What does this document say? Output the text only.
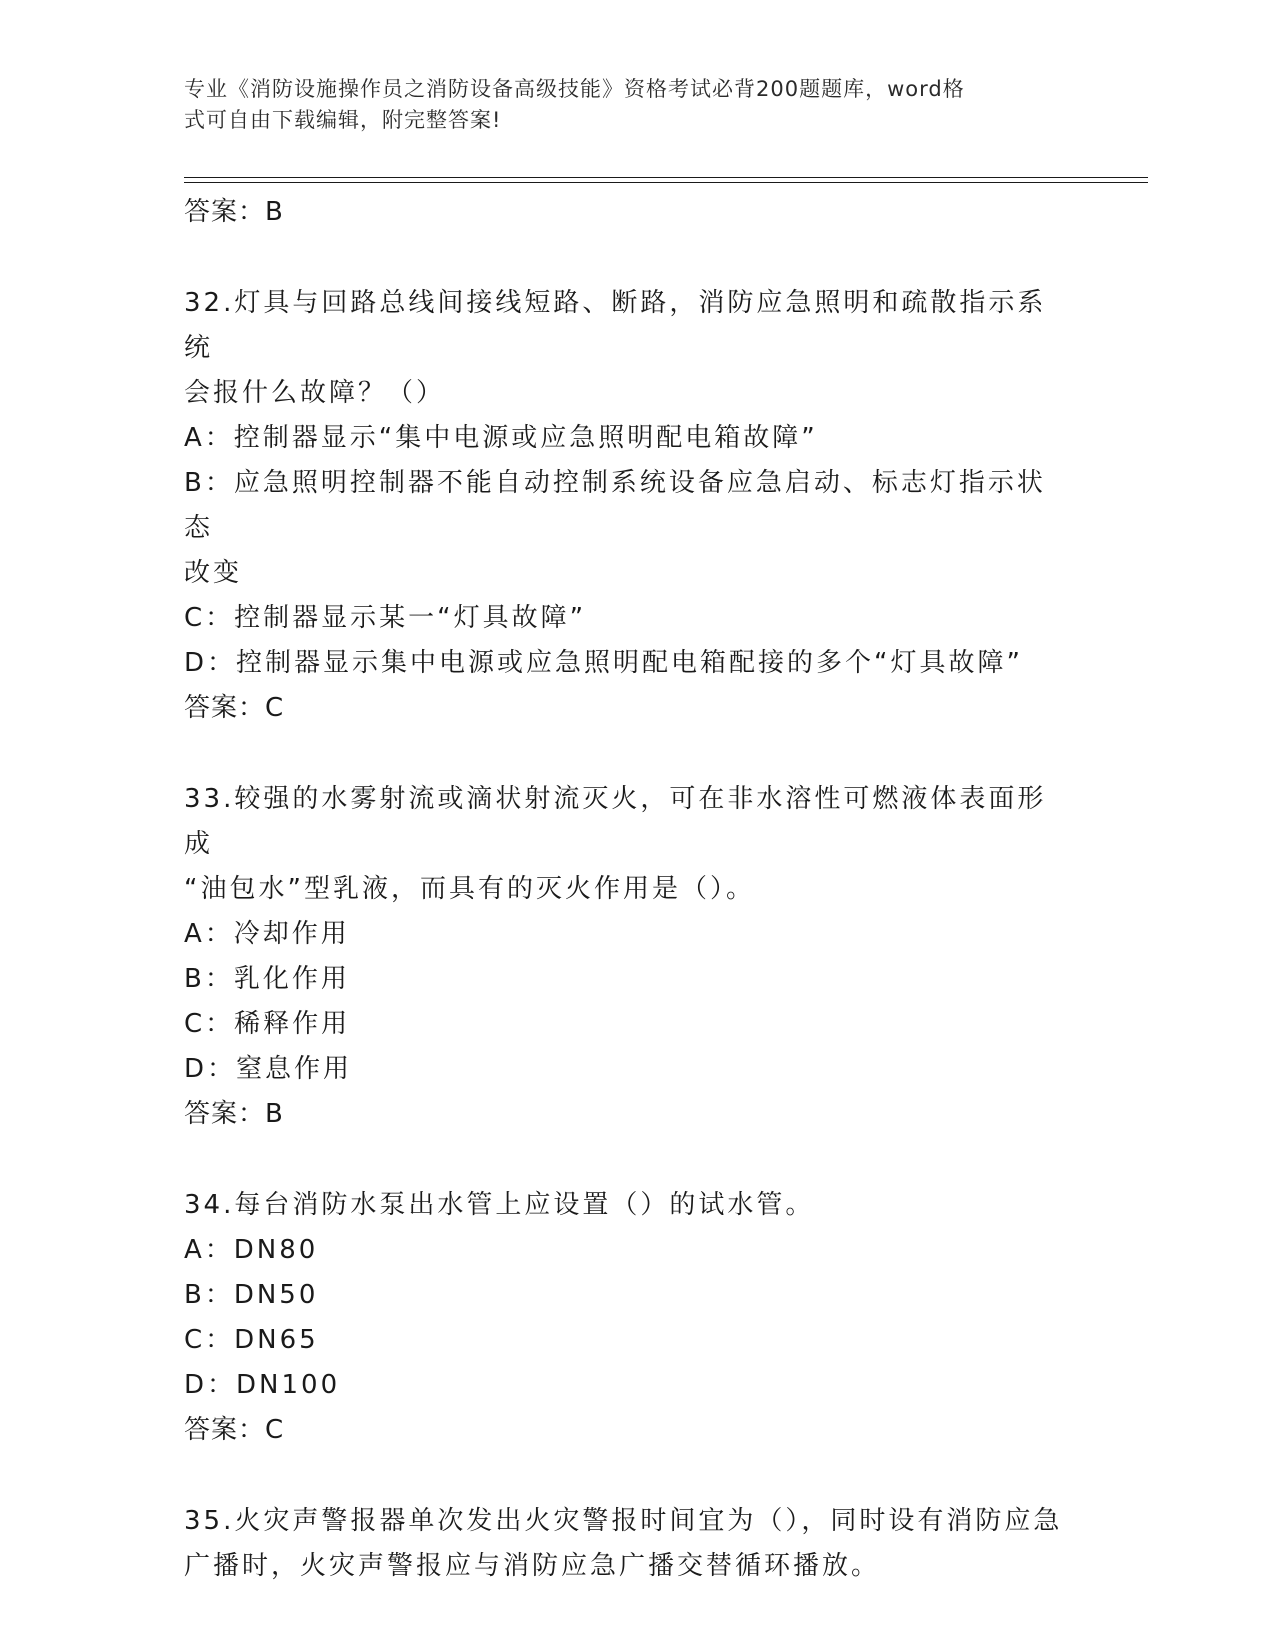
专业《消防设施操作员之消防设备高级技能》资格考试必背200题题库，word格
式可自由下载编辑，附完整答案!
答案：B
32.灯具与回路总线间接线短路、断路，消防应急照明和疏散指示系统
会报什么故障？（）
A：控制器显示“集中电源或应急照明配电箱故障”
B：应急照明控制器不能自动控制系统设备应急启动、标志灯指示状态
改变
C：控制器显示某一“灯具故障”
D：控制器显示集中电源或应急照明配电箱配接的多个“灯具故障”
答案：C
33.较强的水雾射流或滴状射流灭火，可在非水溶性可燃液体表面形成
“油包水”型乳液，而具有的灭火作用是（）。
A：冷却作用
B：乳化作用
C：稀释作用
D：窒息作用
答案：B
34.每台消防水泵出水管上应设置（）的试水管。
A：DN80
B：DN50
C：DN65
D：DN100
答案：C
35.火灾声警报器单次发出火灾警报时间宜为（），同时设有消防应急
广播时，火灾声警报应与消防应急广播交替循环播放。
